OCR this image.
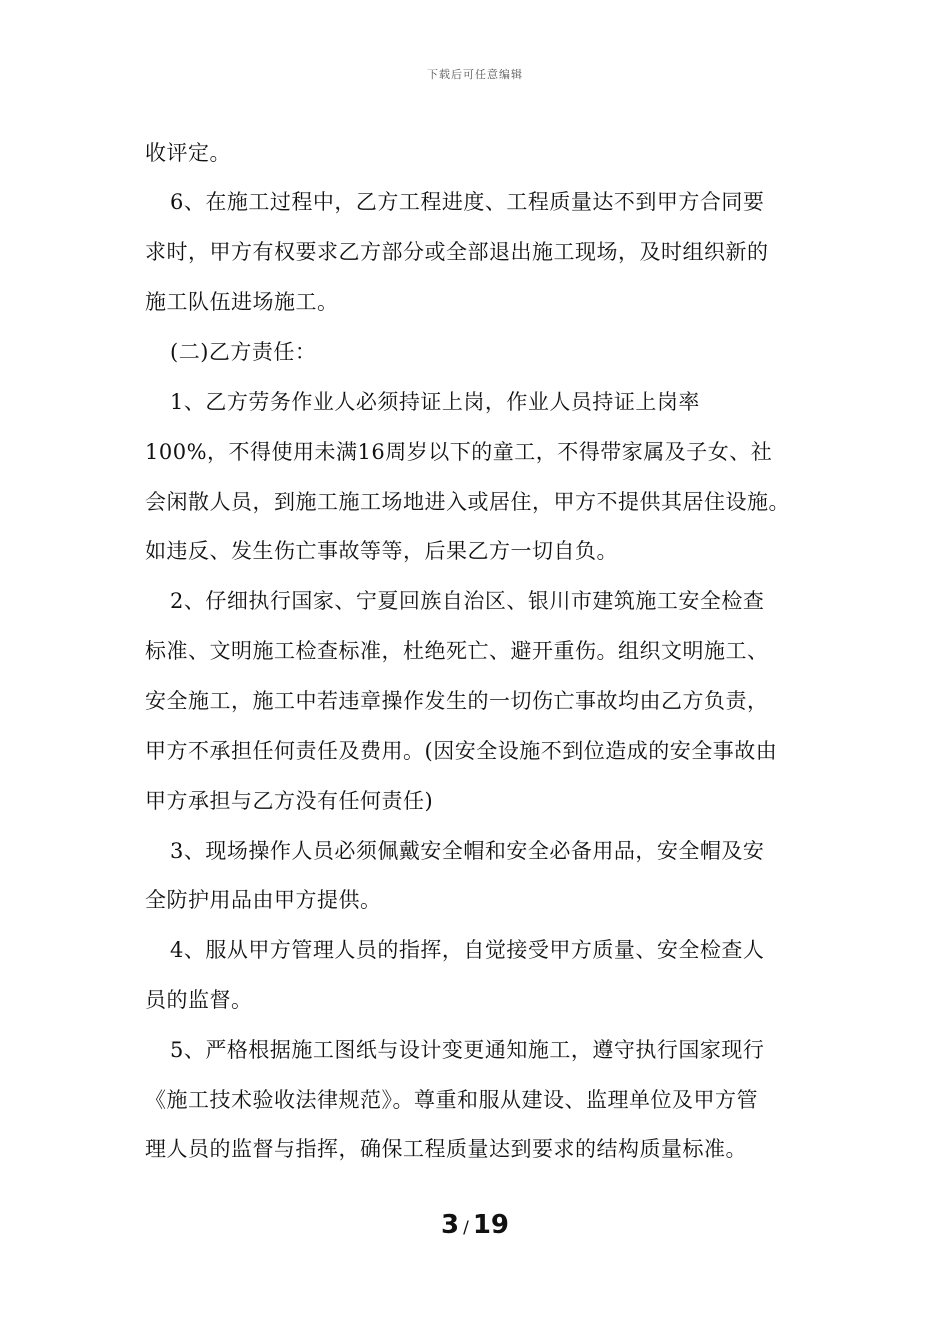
下载后可任意编辑

收评定。

6、在施工过程中，乙方工程进度、工程质量达不到甲方合同要

求时，甲方有权要求乙方部分或全部退出施工现场，及时组织新的

施工队伍进场施工。

(二)乙方责任：

1、乙方劳务作业人必须持证上岗，作业人员持证上岗率

100%，不得使用未满16周岁以下的童工，不得带家属及子女、社

会闲散人员，到施工施工场地进入或居住，甲方不提供其居住设施。

如违反、发生伤亡事故等等，后果乙方一切自负。

2、仔细执行国家、宁夏回族自治区、银川市建筑施工安全检查

标准、文明施工检查标准，杜绝死亡、避开重伤。组织文明施工、

安全施工，施工中若违章操作发生的一切伤亡事故均由乙方负责，

甲方不承担任何责任及费用。(因安全设施不到位造成的安全事故由

甲方承担与乙方没有任何责任)

3、现场操作人员必须佩戴安全帽和安全必备用品，安全帽及安

全防护用品由甲方提供。

4、服从甲方管理人员的指挥，自觉接受甲方质量、安全检查人

员的监督。

5、严格根据施工图纸与设计变更通知施工，遵守执行国家现行

《施工技术验收法律规范》。尊重和服从建设、监理单位及甲方管

理人员的监督与指挥，确保工程质量达到要求的结构质量标准。

3 / 19
